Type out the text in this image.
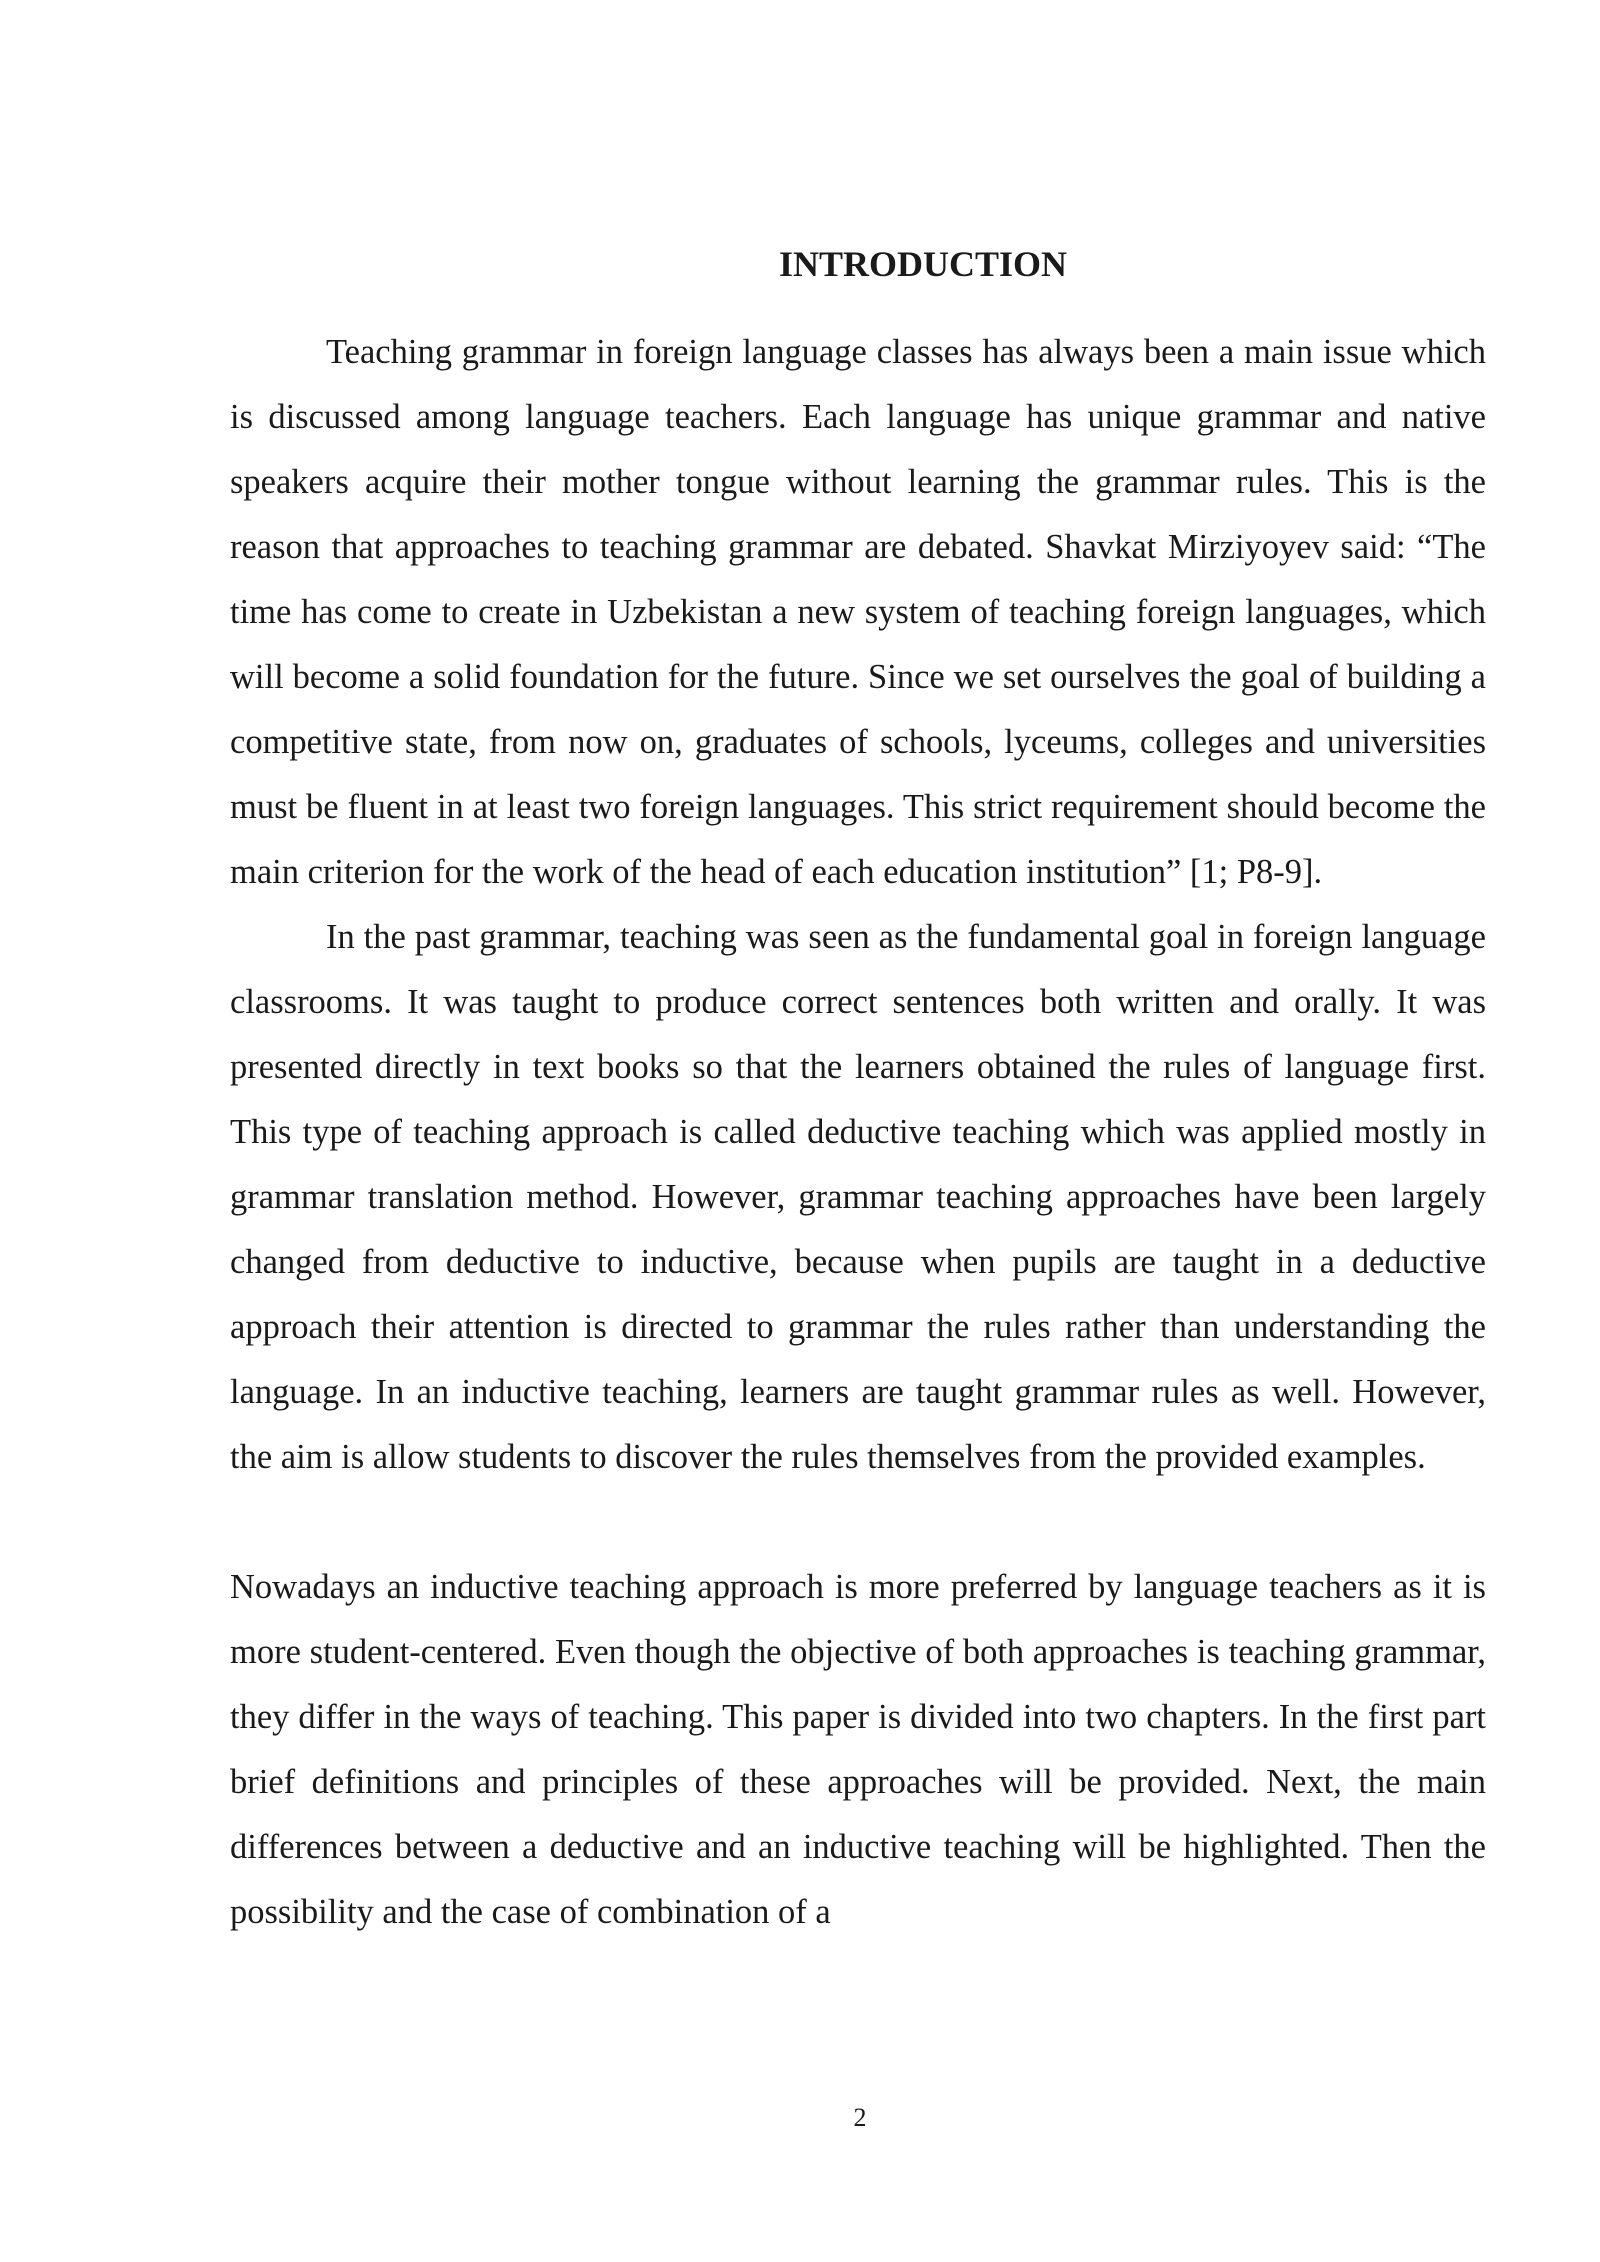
INTRODUCTION

Teaching grammar in foreign language classes has always been a main issue which is discussed among language teachers. Each language has unique grammar and native speakers acquire their mother tongue without learning the grammar rules. This is the reason that approaches to teaching grammar are debated. Shavkat Mirziyoyev said: “The time has come to create in Uzbekistan a new system of teaching foreign languages, which will become a solid foundation for the future. Since we set ourselves the goal of building a competitive state, from now on, graduates of schools, lyceums, colleges and universities must be fluent in at least two foreign languages. This strict requirement should become the main criterion for the work of the head of each education institution” [1; P8-9].

In the past grammar, teaching was seen as the fundamental goal in foreign language classrooms. It was taught to produce correct sentences both written and orally. It was presented directly in text books so that the learners obtained the rules of language first. This type of teaching approach is called deductive teaching which was applied mostly in grammar translation method. However, grammar teaching approaches have been largely changed from deductive to inductive, because when pupils are taught in a deductive approach their attention is directed to grammar the rules rather than understanding the language. In an inductive teaching, learners are taught grammar rules as well. However, the aim is allow students to discover the rules themselves from the provided examples.

Nowadays an inductive teaching approach is more preferred by language teachers as it is more student-centered. Even though the objective of both approaches is teaching grammar, they differ in the ways of teaching. This paper is divided into two chapters. In the first part brief definitions and principles of these approaches will be provided. Next, the main differences between a deductive and an inductive teaching will be highlighted. Then the possibility and the case of combination of a

2
